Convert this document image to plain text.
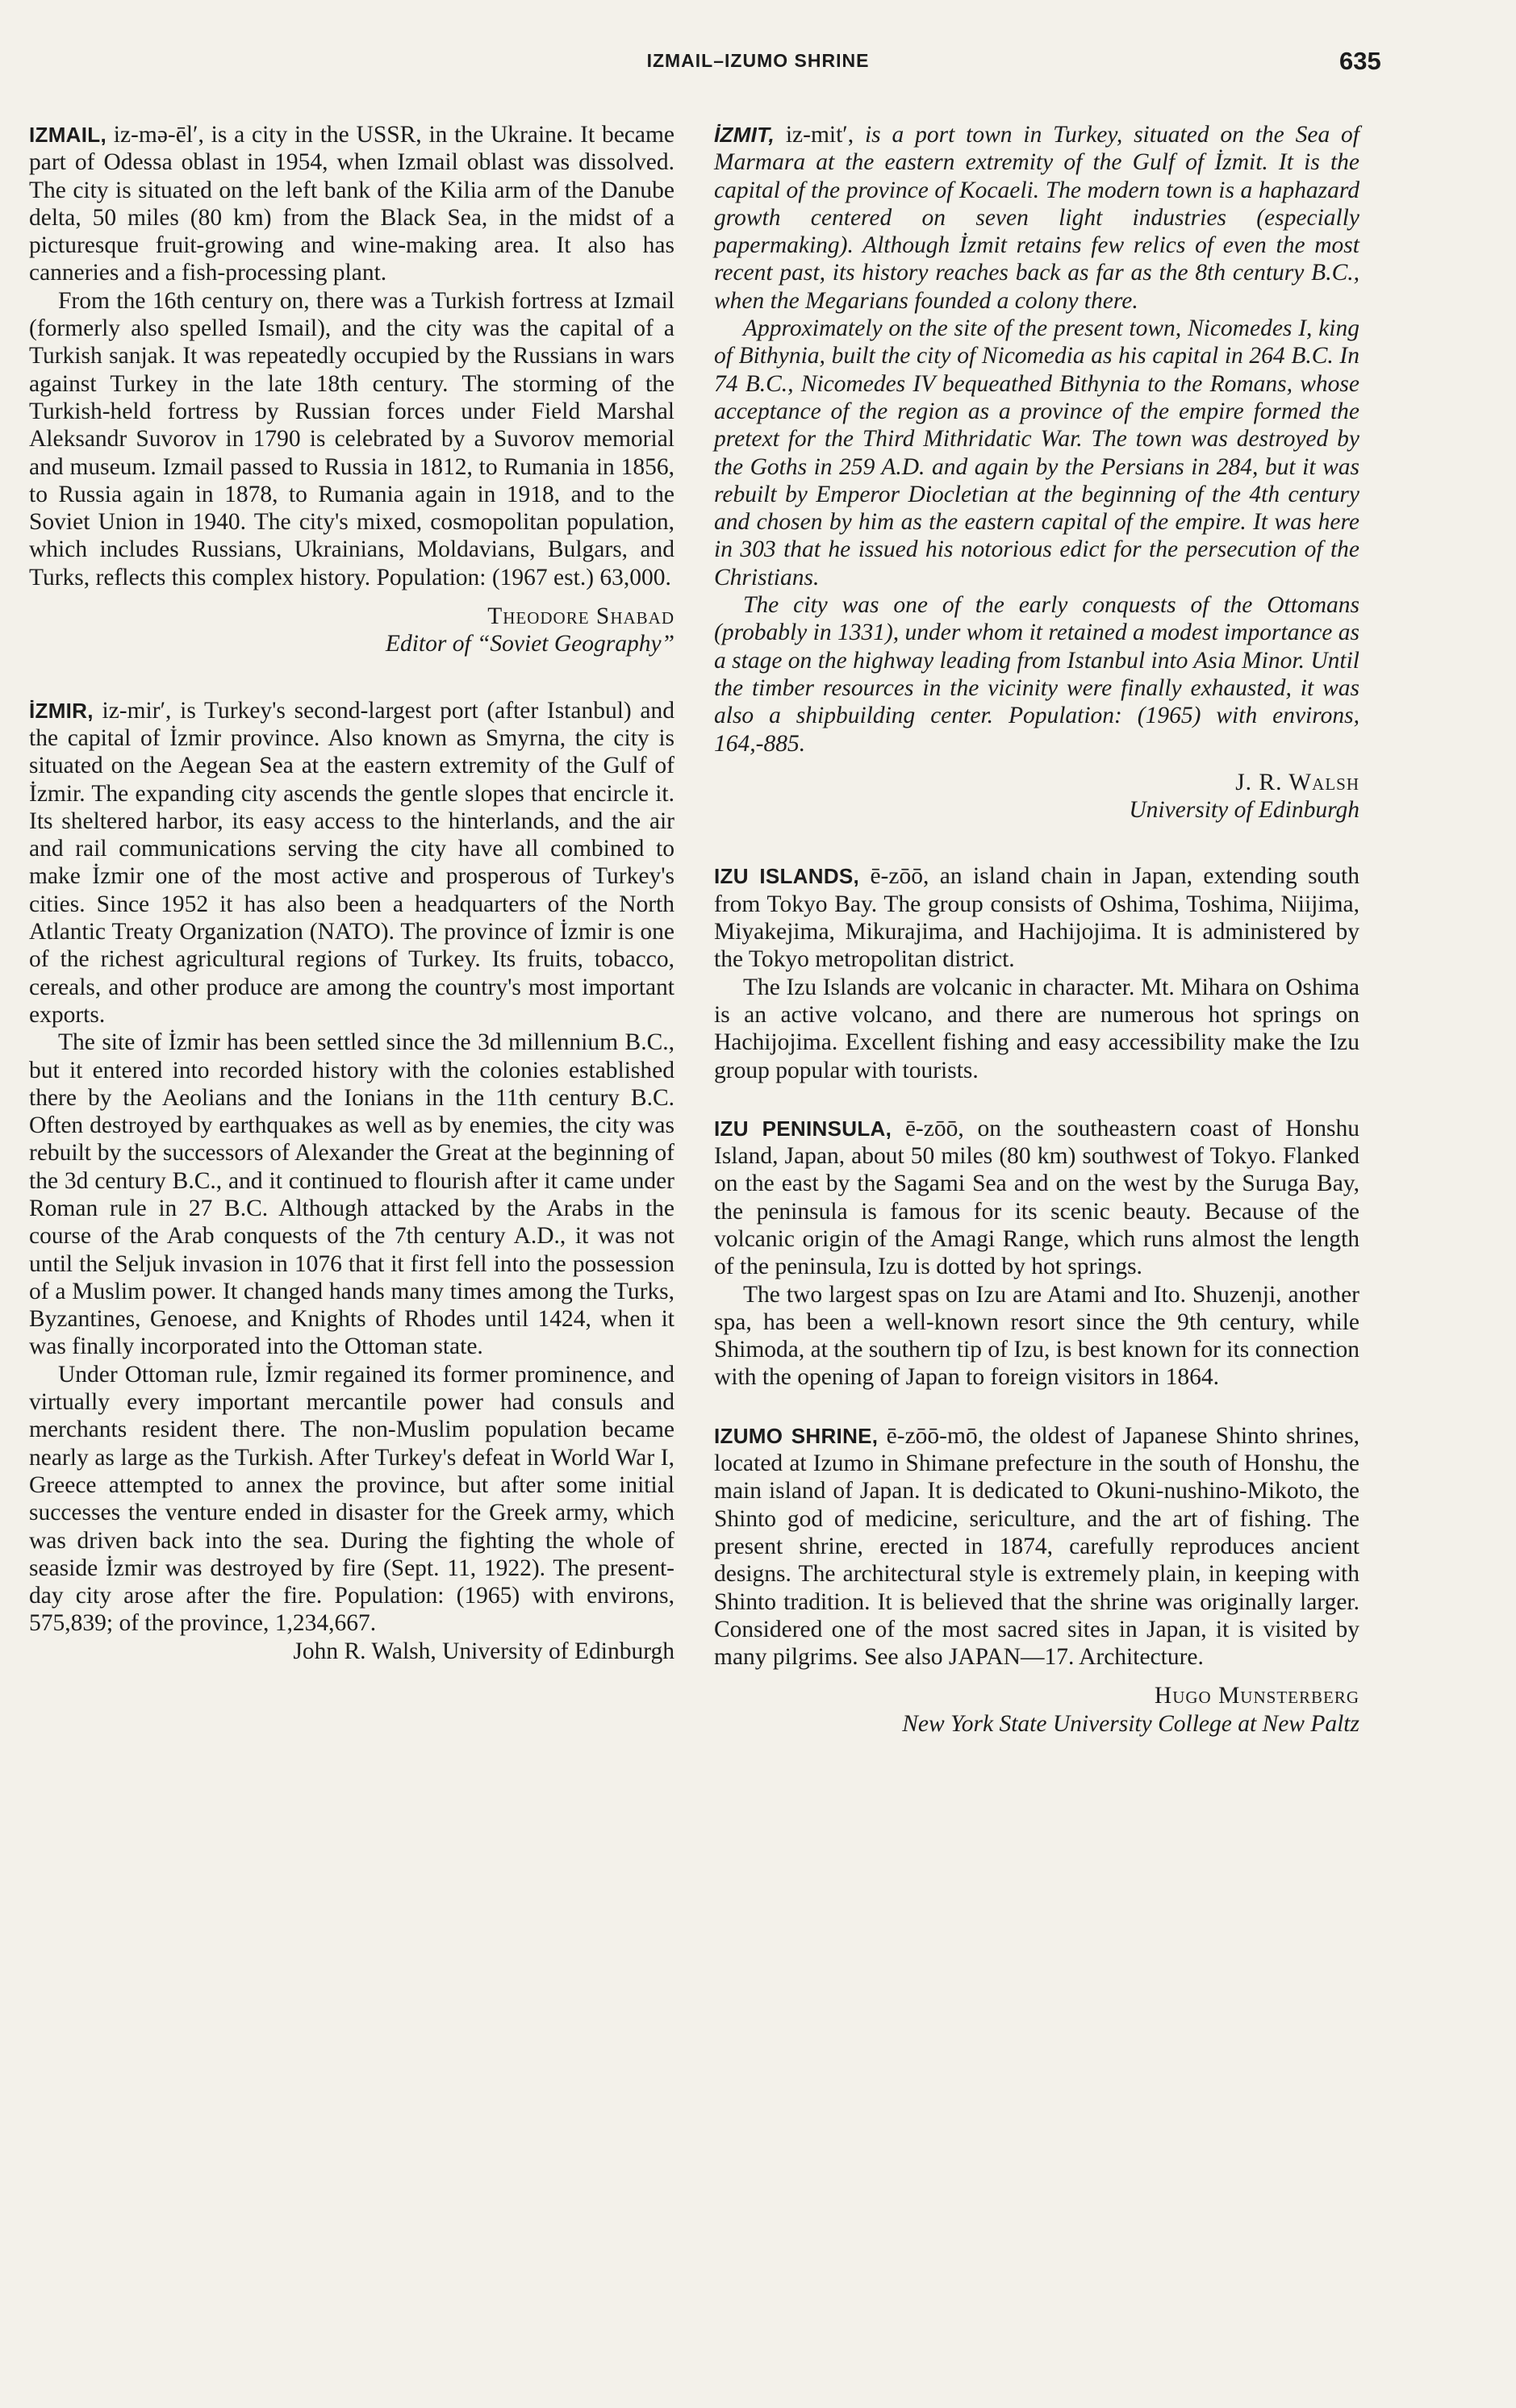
IZMAIL–IZUMO SHRINE	635

IZMAIL, iz-mə-ēl′, is a city in the USSR, in the Ukraine. It became part of Odessa oblast in 1954, when Izmail oblast was dissolved. The city is situated on the left bank of the Kilia arm of the Danube delta, 50 miles (80 km) from the Black Sea, in the midst of a picturesque fruit-growing and wine-making area. It also has canneries and a fish-processing plant.

From the 16th century on, there was a Turkish fortress at Izmail (formerly also spelled Ismail), and the city was the capital of a Turkish sanjak. It was repeatedly occupied by the Russians in wars against Turkey in the late 18th century. The storming of the Turkish-held fortress by Russian forces under Field Marshal Aleksandr Suvorov in 1790 is celebrated by a Suvorov memorial and museum. Izmail passed to Russia in 1812, to Rumania in 1856, to Russia again in 1878, to Rumania again in 1918, and to the Soviet Union in 1940. The city's mixed, cosmopolitan population, which includes Russians, Ukrainians, Moldavians, Bulgars, and Turks, reflects this complex history. Population: (1967 est.) 63,000.

Theodore Shabad
Editor of “Soviet Geography”

İZMIR, iz-mir′, is Turkey's second-largest port (after Istanbul) and the capital of İzmir province. Also known as Smyrna, the city is situated on the Aegean Sea at the eastern extremity of the Gulf of İzmir. The expanding city ascends the gentle slopes that encircle it. Its sheltered harbor, its easy access to the hinterlands, and the air and rail communications serving the city have all combined to make İzmir one of the most active and prosperous of Turkey's cities. Since 1952 it has also been a headquarters of the North Atlantic Treaty Organization (NATO). The province of İzmir is one of the richest agricultural regions of Turkey. Its fruits, tobacco, cereals, and other produce are among the country's most important exports.

The site of İzmir has been settled since the 3d millennium B.C., but it entered into recorded history with the colonies established there by the Aeolians and the Ionians in the 11th century B.C. Often destroyed by earthquakes as well as by enemies, the city was rebuilt by the successors of Alexander the Great at the beginning of the 3d century B.C., and it continued to flourish after it came under Roman rule in 27 B.C. Although attacked by the Arabs in the course of the Arab conquests of the 7th century A.D., it was not until the Seljuk invasion in 1076 that it first fell into the possession of a Muslim power. It changed hands many times among the Turks, Byzantines, Genoese, and Knights of Rhodes until 1424, when it was finally incorporated into the Ottoman state.

Under Ottoman rule, İzmir regained its former prominence, and virtually every important mercantile power had consuls and merchants resident there. The non-Muslim population became nearly as large as the Turkish. After Turkey's defeat in World War I, Greece attempted to annex the province, but after some initial successes the venture ended in disaster for the Greek army, which was driven back into the sea. During the fighting the whole of seaside İzmir was destroyed by fire (Sept. 11, 1922). The present-day city arose after the fire. Population: (1965) with environs, 575,839; of the province, 1,234,667.

John R. Walsh, University of Edinburgh

İZMIT, iz-mit′, is a port town in Turkey, situated on the Sea of Marmara at the eastern extremity of the Gulf of İzmit. It is the capital of the province of Kocaeli. The modern town is a haphazard growth centered on seven light industries (especially papermaking). Although İzmit retains few relics of even the most recent past, its history reaches back as far as the 8th century B.C., when the Megarians founded a colony there.

Approximately on the site of the present town, Nicomedes I, king of Bithynia, built the city of Nicomedia as his capital in 264 B.C. In 74 B.C., Nicomedes IV bequeathed Bithynia to the Romans, whose acceptance of the region as a province of the empire formed the pretext for the Third Mithridatic War. The town was destroyed by the Goths in 259 A.D. and again by the Persians in 284, but it was rebuilt by Emperor Diocletian at the beginning of the 4th century and chosen by him as the eastern capital of the empire. It was here in 303 that he issued his notorious edict for the persecution of the Christians.

The city was one of the early conquests of the Ottomans (probably in 1331), under whom it retained a modest importance as a stage on the highway leading from Istanbul into Asia Minor. Until the timber resources in the vicinity were finally exhausted, it was also a shipbuilding center. Population: (1965) with environs, 164,-885.

J. R. Walsh
University of Edinburgh

IZU ISLANDS, ē-zōō, an island chain in Japan, extending south from Tokyo Bay. The group consists of Oshima, Toshima, Niijima, Miyakejima, Mikurajima, and Hachijojima. It is administered by the Tokyo metropolitan district.

The Izu Islands are volcanic in character. Mt. Mihara on Oshima is an active volcano, and there are numerous hot springs on Hachijojima. Excellent fishing and easy accessibility make the Izu group popular with tourists.

IZU PENINSULA, ē-zōō, on the southeastern coast of Honshu Island, Japan, about 50 miles (80 km) southwest of Tokyo. Flanked on the east by the Sagami Sea and on the west by the Suruga Bay, the peninsula is famous for its scenic beauty. Because of the volcanic origin of the Amagi Range, which runs almost the length of the peninsula, Izu is dotted by hot springs.

The two largest spas on Izu are Atami and Ito. Shuzenji, another spa, has been a well-known resort since the 9th century, while Shimoda, at the southern tip of Izu, is best known for its connection with the opening of Japan to foreign visitors in 1864.

IZUMO SHRINE, ē-zōō-mō, the oldest of Japanese Shinto shrines, located at Izumo in Shimane prefecture in the south of Honshu, the main island of Japan. It is dedicated to Okuni-nushino-Mikoto, the Shinto god of medicine, sericulture, and the art of fishing. The present shrine, erected in 1874, carefully reproduces ancient designs. The architectural style is extremely plain, in keeping with Shinto tradition. It is believed that the shrine was originally larger. Considered one of the most sacred sites in Japan, it is visited by many pilgrims. See also JAPAN—17. Architecture.

Hugo Munsterberg
New York State University College at New Paltz
